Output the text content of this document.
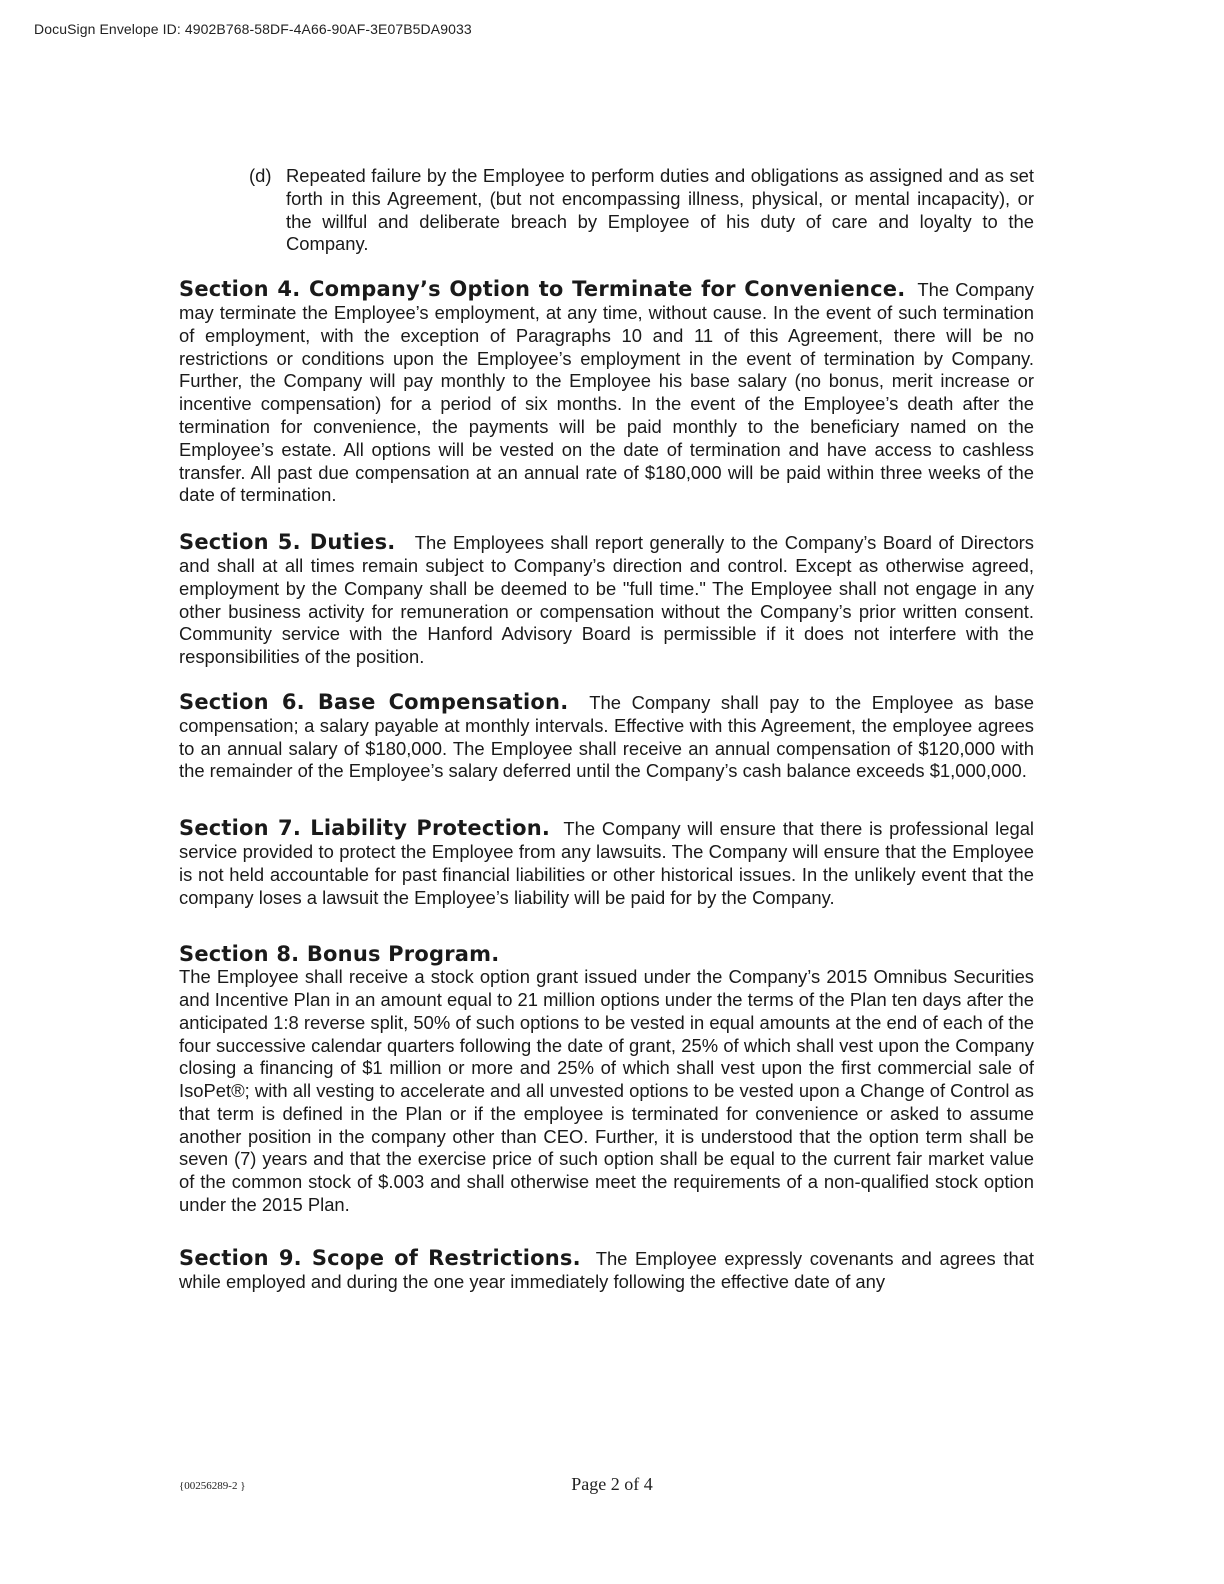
DocuSign Envelope ID: 4902B768-58DF-4A66-90AF-3E07B5DA9033
(d) Repeated failure by the Employee to perform duties and obligations as assigned and as set forth in this Agreement, (but not encompassing illness, physical, or mental incapacity), or the willful and deliberate breach by Employee of his duty of care and loyalty to the Company.

Section 4. Company’s Option to Terminate for Convenience. The Company may terminate the Employee’s employment, at any time, without cause. In the event of such termination of employment, with the exception of Paragraphs 10 and 11 of this Agreement, there will be no restrictions or conditions upon the Employee’s employment in the event of termination by Company. Further, the Company will pay monthly to the Employee his base salary (no bonus, merit increase or incentive compensation) for a period of six months. In the event of the Employee’s death after the termination for convenience, the payments will be paid monthly to the beneficiary named on the Employee’s estate. All options will be vested on the date of termination and have access to cashless transfer. All past due compensation at an annual rate of $180,000 will be paid within three weeks of the date of termination.

Section 5. Duties. The Employees shall report generally to the Company’s Board of Directors and shall at all times remain subject to Company’s direction and control. Except as otherwise agreed, employment by the Company shall be deemed to be "full time." The Employee shall not engage in any other business activity for remuneration or compensation without the Company’s prior written consent. Community service with the Hanford Advisory Board is permissible if it does not interfere with the responsibilities of the position.

Section 6. Base Compensation. The Company shall pay to the Employee as base compensation; a salary payable at monthly intervals. Effective with this Agreement, the employee agrees to an annual salary of $180,000. The Employee shall receive an annual compensation of $120,000 with the remainder of the Employee’s salary deferred until the Company’s cash balance exceeds $1,000,000.

Section 7. Liability Protection. The Company will ensure that there is professional legal service provided to protect the Employee from any lawsuits. The Company will ensure that the Employee is not held accountable for past financial liabilities or other historical issues. In the unlikely event that the company loses a lawsuit the Employee’s liability will be paid for by the Company.

Section 8. Bonus Program.
The Employee shall receive a stock option grant issued under the Company’s 2015 Omnibus Securities and Incentive Plan in an amount equal to 21 million options under the terms of the Plan ten days after the anticipated 1:8 reverse split, 50% of such options to be vested in equal amounts at the end of each of the four successive calendar quarters following the date of grant, 25% of which shall vest upon the Company closing a financing of $1 million or more and 25% of which shall vest upon the first commercial sale of IsoPet®; with all vesting to accelerate and all unvested options to be vested upon a Change of Control as that term is defined in the Plan or if the employee is terminated for convenience or asked to assume another position in the company other than CEO. Further, it is understood that the option term shall be seven (7) years and that the exercise price of such option shall be equal to the current fair market value of the common stock of $.003 and shall otherwise meet the requirements of a non-qualified stock option under the 2015 Plan.

Section 9. Scope of Restrictions. The Employee expressly covenants and agrees that while employed and during the one year immediately following the effective date of any

{00256289-2 }	Page 2 of 4
